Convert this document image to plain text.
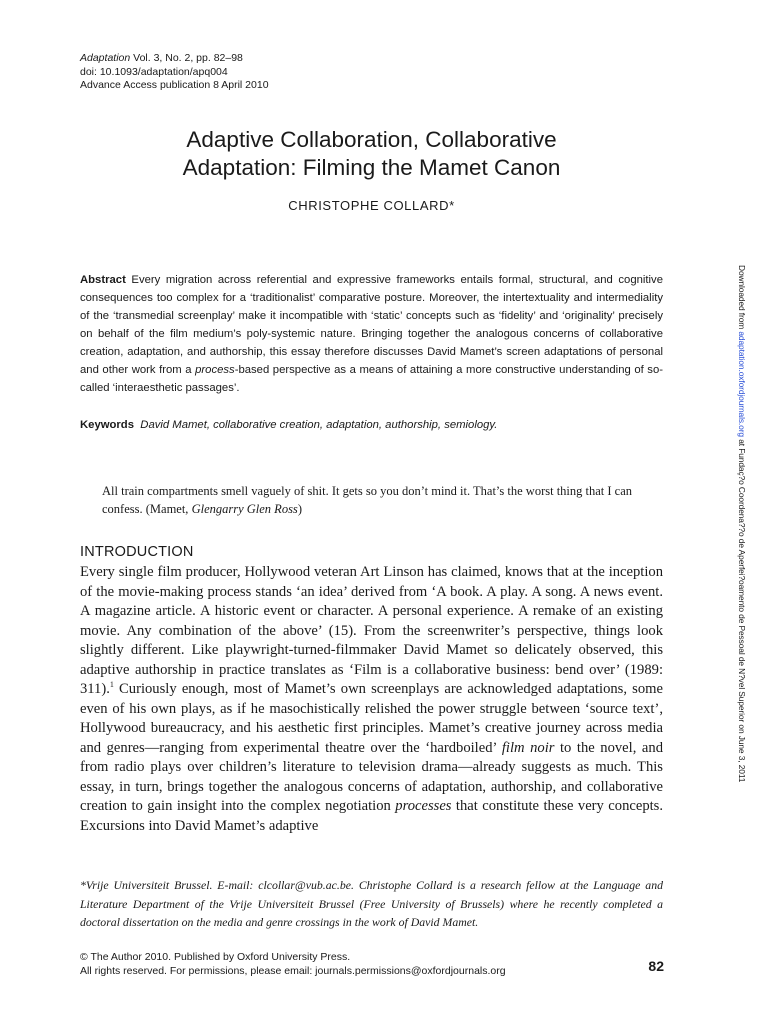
Adaptation Vol. 3, No. 2, pp. 82–98
doi: 10.1093/adaptation/apq004
Advance Access publication 8 April 2010
Adaptive Collaboration, Collaborative
Adaptation: Filming the Mamet Canon
CHRISTOPHE COLLARD*
Abstract Every migration across referential and expressive frameworks entails formal, structural, and cognitive consequences too complex for a ‘traditionalist’ comparative posture. Moreover, the intertextuality and intermediality of the ‘transmedial screenplay’ make it incompatible with ‘static’ concepts such as ‘fidelity’ and ‘originality’ precisely on behalf of the film medium’s poly-systemic nature. Bringing together the analogous concerns of collaborative creation, adaptation, and authorship, this essay therefore discusses David Mamet’s screen adaptations of personal and other work from a process-based perspective as a means of attaining a more constructive understanding of so-called ‘interaesthetic passages’.
Keywords David Mamet, collaborative creation, adaptation, authorship, semiology.
All train compartments smell vaguely of shit. It gets so you don’t mind it. That’s the worst thing that I can confess. (Mamet, Glengarry Glen Ross)
INTRODUCTION
Every single film producer, Hollywood veteran Art Linson has claimed, knows that at the inception of the movie-making process stands ‘an idea’ derived from ‘A book. A play. A song. A news event. A magazine article. A historic event or character. A personal experience. A remake of an existing movie. Any combination of the above’ (15). From the screenwriter’s perspective, things look slightly different. Like playwright-turned-filmmaker David Mamet so delicately observed, this adaptive authorship in practice translates as ‘Film is a collaborative business: bend over’ (1989: 311).$^1$ Curiously enough, most of Mamet’s own screenplays are acknowledged adaptations, some even of his own plays, as if he masochistically relished the power struggle between ‘source text’, Hollywood bureaucracy, and his aesthetic first principles. Mamet’s creative journey across media and genres—ranging from experimental theatre over the ‘hardboiled’ film noir to the novel, and from radio plays over children’s literature to television drama—already suggests as much. This essay, in turn, brings together the analogous concerns of adaptation, authorship, and collaborative creation to gain insight into the complex negotiation processes that constitute these very concepts. Excursions into David Mamet’s adaptive
*Vrije Universiteit Brussel. E-mail: clcollar@vub.ac.be. Christophe Collard is a research fellow at the Language and Literature Department of the Vrije Universiteit Brussel (Free University of Brussels) where he recently completed a doctoral dissertation on the media and genre crossings in the work of David Mamet.
© The Author 2010. Published by Oxford University Press.
All rights reserved. For permissions, please email: journals.permissions@oxfordjournals.org	82
Downloaded from adaptation.oxfordjournals.org at Fundaç?o Coordena??o de Aperfei?oamento de Pessoal de N?vel Superior on June 3, 2011
